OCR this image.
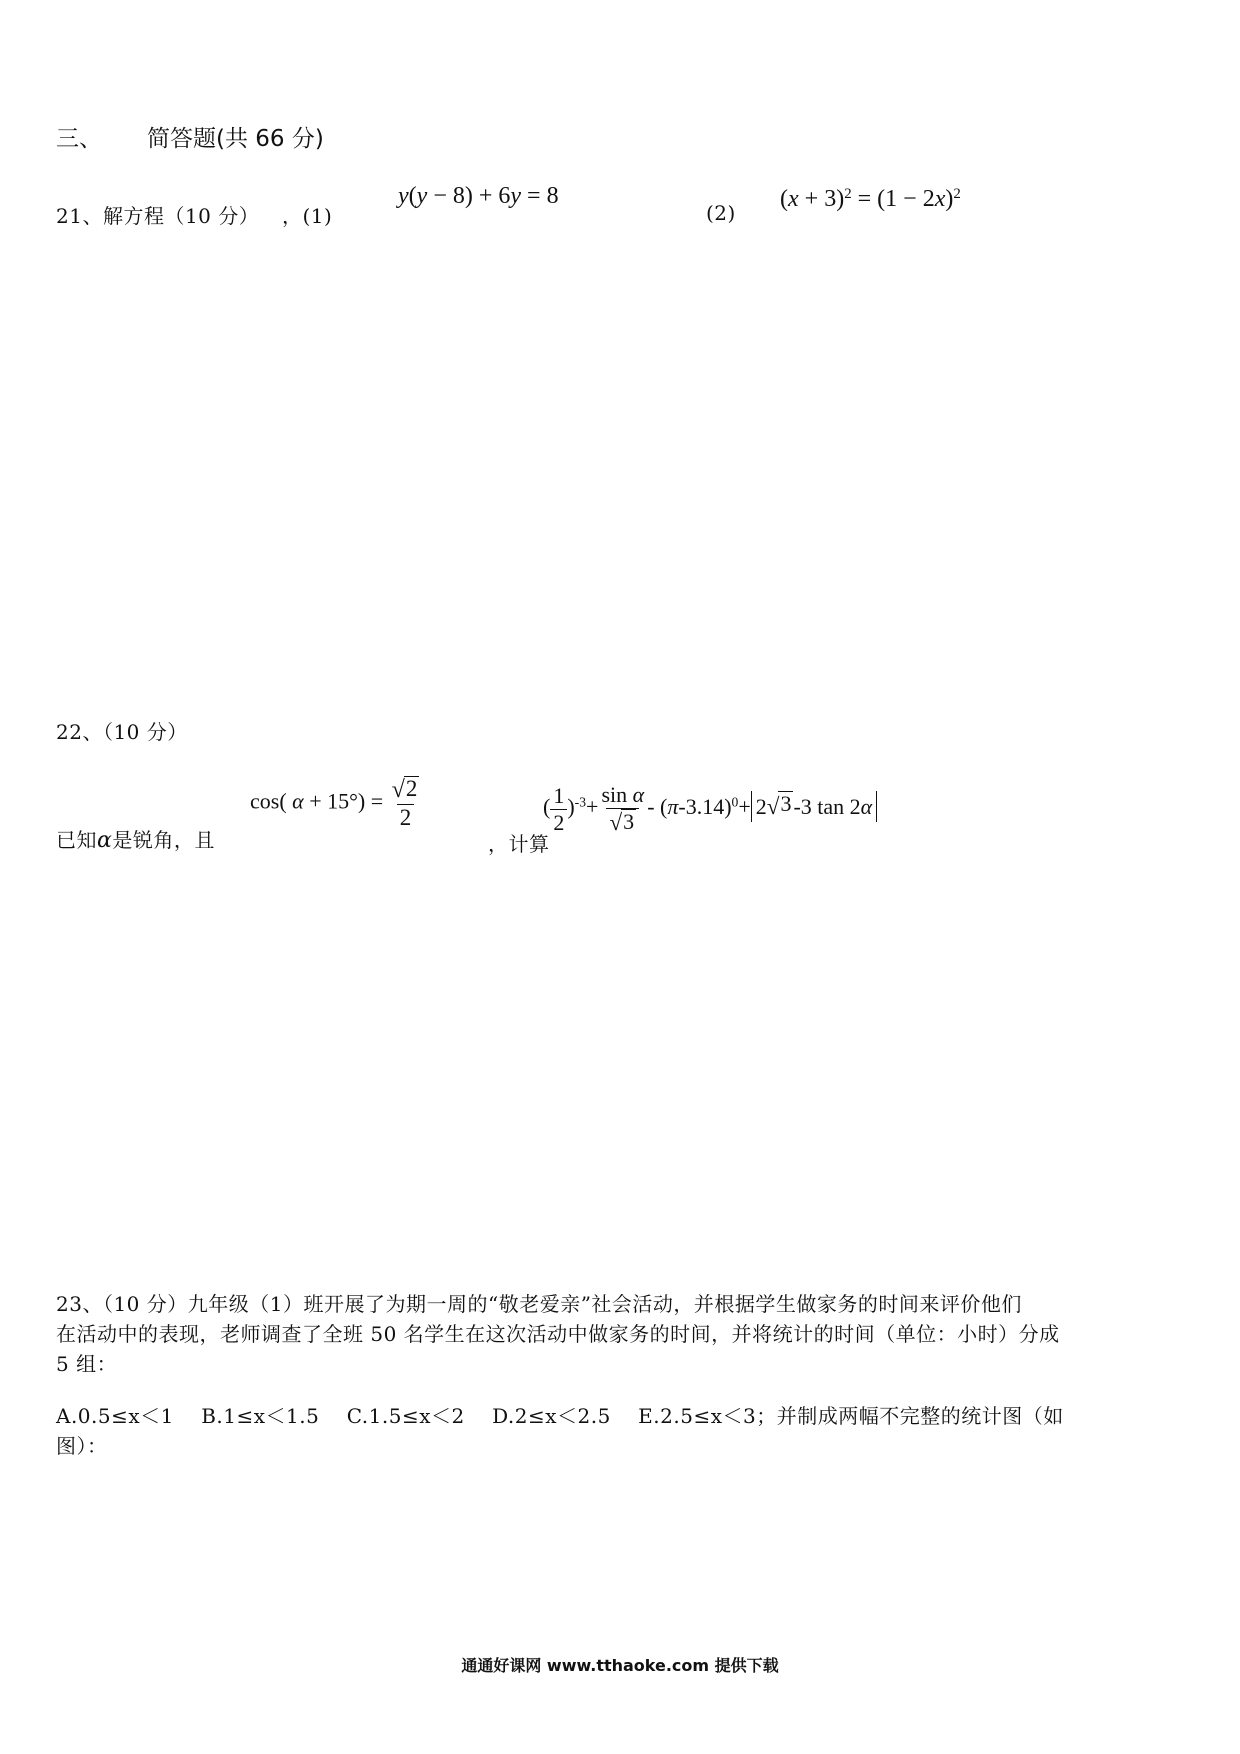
三、 简答题(共 66 分)
21、解方程（10 分） ，(1)
y(y − 8) + 6y = 8
(2)
$(x + 3)^2 = (1 - 2x)^2$
22、（10 分）
已知α是锐角，且
cos( $\alpha + 15^\circ) = \frac{√ 2}{2}$
，计算
( $\frac{1}{2} )^{-3}+ \frac{\text{sin α}}{√ 3} - (\pi-3.14)^0+ 2$ √ 3 -3 tan 2α
23、（10 分）九年级（1）班开展了为期一周的“敬老爱亲”社会活动，并根据学生做家务的时间来评价他们
在活动中的表现，老师调查了全班 50 名学生在这次活动中做家务的时间，并将统计的时间（单位：小时）分成
5 组：
A.0.5≤x＜1　 B.1≤x＜1.5　 C.1.5≤x＜2　 D.2≤x＜2.5　 E.2.5≤x＜3；并制成两幅不完整的统计图（如
图）：
通通好课网 www.tthaoke.com 提供下载
